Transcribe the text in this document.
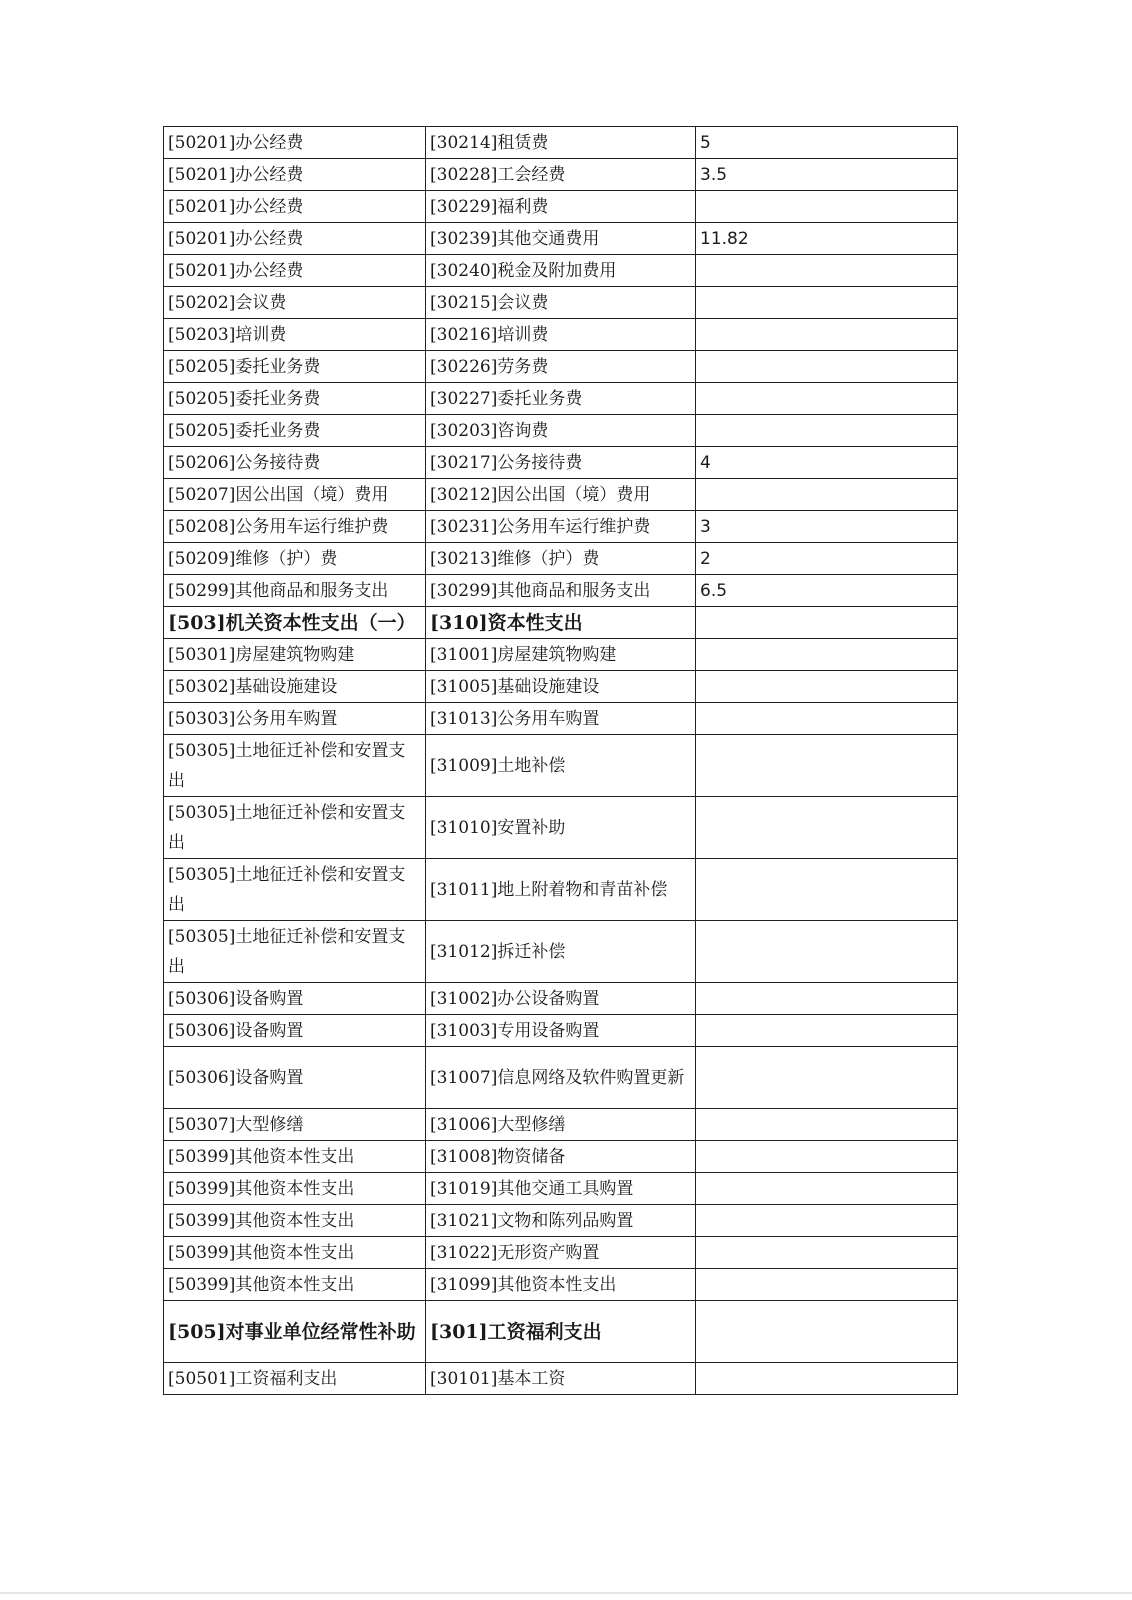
[50201]办公经费	[30214]租赁费	5
[50201]办公经费	[30228]工会经费	3.5
[50201]办公经费	[30229]福利费	
[50201]办公经费	[30239]其他交通费用	11.82
[50201]办公经费	[30240]税金及附加费用	
[50202]会议费	[30215]会议费	
[50203]培训费	[30216]培训费	
[50205]委托业务费	[30226]劳务费	
[50205]委托业务费	[30227]委托业务费	
[50205]委托业务费	[30203]咨询费	
[50206]公务接待费	[30217]公务接待费	4
[50207]因公出国（境）费用	[30212]因公出国（境）费用	
[50208]公务用车运行维护费	[30231]公务用车运行维护费	3
[50209]维修（护）费	[30213]维修（护）费	2
[50299]其他商品和服务支出	[30299]其他商品和服务支出	6.5
[503]机关资本性支出（一）	[310]资本性支出	
[50301]房屋建筑物购建	[31001]房屋建筑物购建	
[50302]基础设施建设	[31005]基础设施建设	
[50303]公务用车购置	[31013]公务用车购置	
[50305]土地征迁补偿和安置支出	[31009]土地补偿	
[50305]土地征迁补偿和安置支出	[31010]安置补助	
[50305]土地征迁补偿和安置支出	[31011]地上附着物和青苗补偿	
[50305]土地征迁补偿和安置支出	[31012]拆迁补偿	
[50306]设备购置	[31002]办公设备购置	
[50306]设备购置	[31003]专用设备购置	
[50306]设备购置	[31007]信息网络及软件购置更新	
[50307]大型修缮	[31006]大型修缮	
[50399]其他资本性支出	[31008]物资储备	
[50399]其他资本性支出	[31019]其他交通工具购置	
[50399]其他资本性支出	[31021]文物和陈列品购置	
[50399]其他资本性支出	[31022]无形资产购置	
[50399]其他资本性支出	[31099]其他资本性支出	
[505]对事业单位经常性补助	[301]工资福利支出	
[50501]工资福利支出	[30101]基本工资	
